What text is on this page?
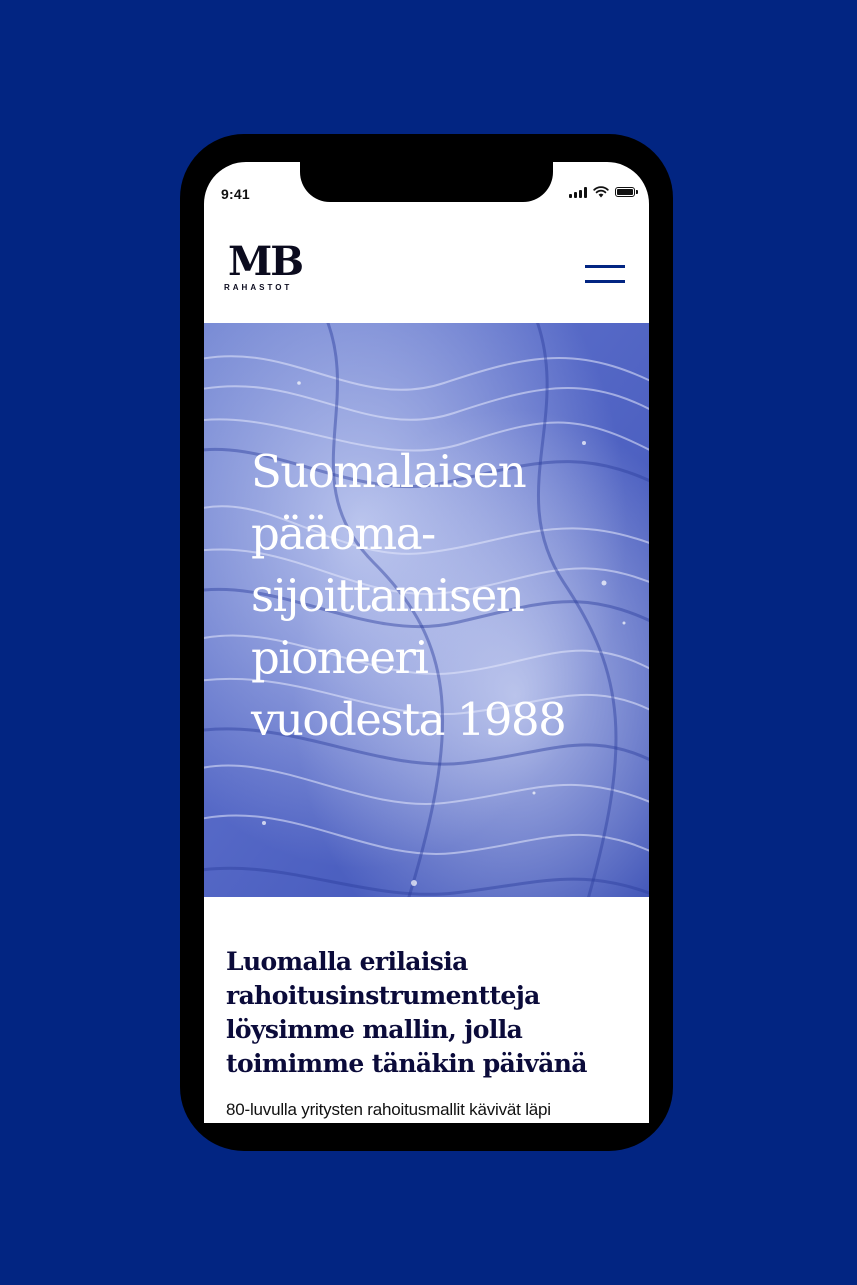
9:41
MB
RAHASTOT
Suomalaisen
pääoma-
sijoittamisen
pioneeri
vuodesta 1988
Luomalla erilaisia
rahoitusinstrumentteja
löysimme mallin, jolla
toimimme tänäkin päivänä

80-luvulla yritysten rahoitusmallit kävivät läpi
